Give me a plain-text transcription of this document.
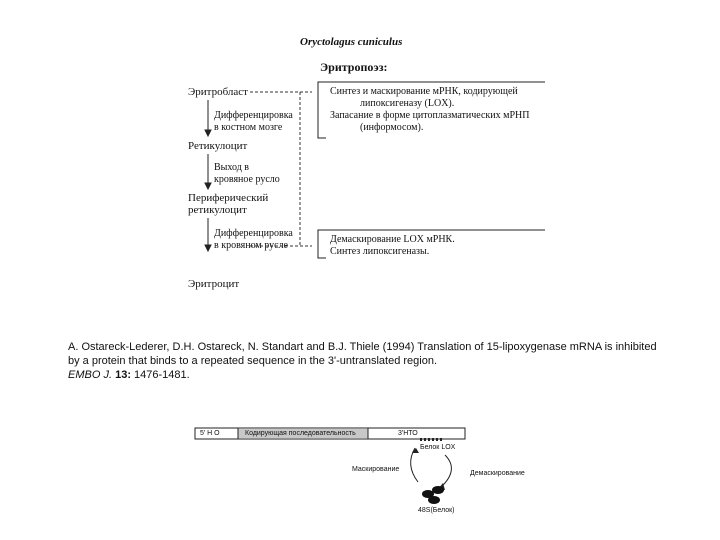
Oryctolagus cuniculus
Эритропоэз:
Эритробласт
Ретикулоцит
Периферический
ретикулоцит
Эритроцит
Дифференцировка
в костном мозге
Выход в
кровяное русло
Дифференцировка
в кровяном русле
Синтез и маскирование мРНК, кодирующей
липоксигеназу (LOX).
Запасание в форме цитоплазматических мРНП
(информосом).
Демаскирование LOX мРНК.
Синтез липоксигеназы.
A. Ostareck-Lederer, D.H. Ostareck, N. Standart and B.J. Thiele (1994) Translation of 15-lipoxygenase mRNA is inhibited by a protein that binds to a repeated sequence in the 3'-untranslated region.
EMBO J. 13: 1476-1481.
5' Н О	Кодирующая последовательность	3'НТО
Белок LOX
Маскирование
Демаскирование
48S(Белок)
